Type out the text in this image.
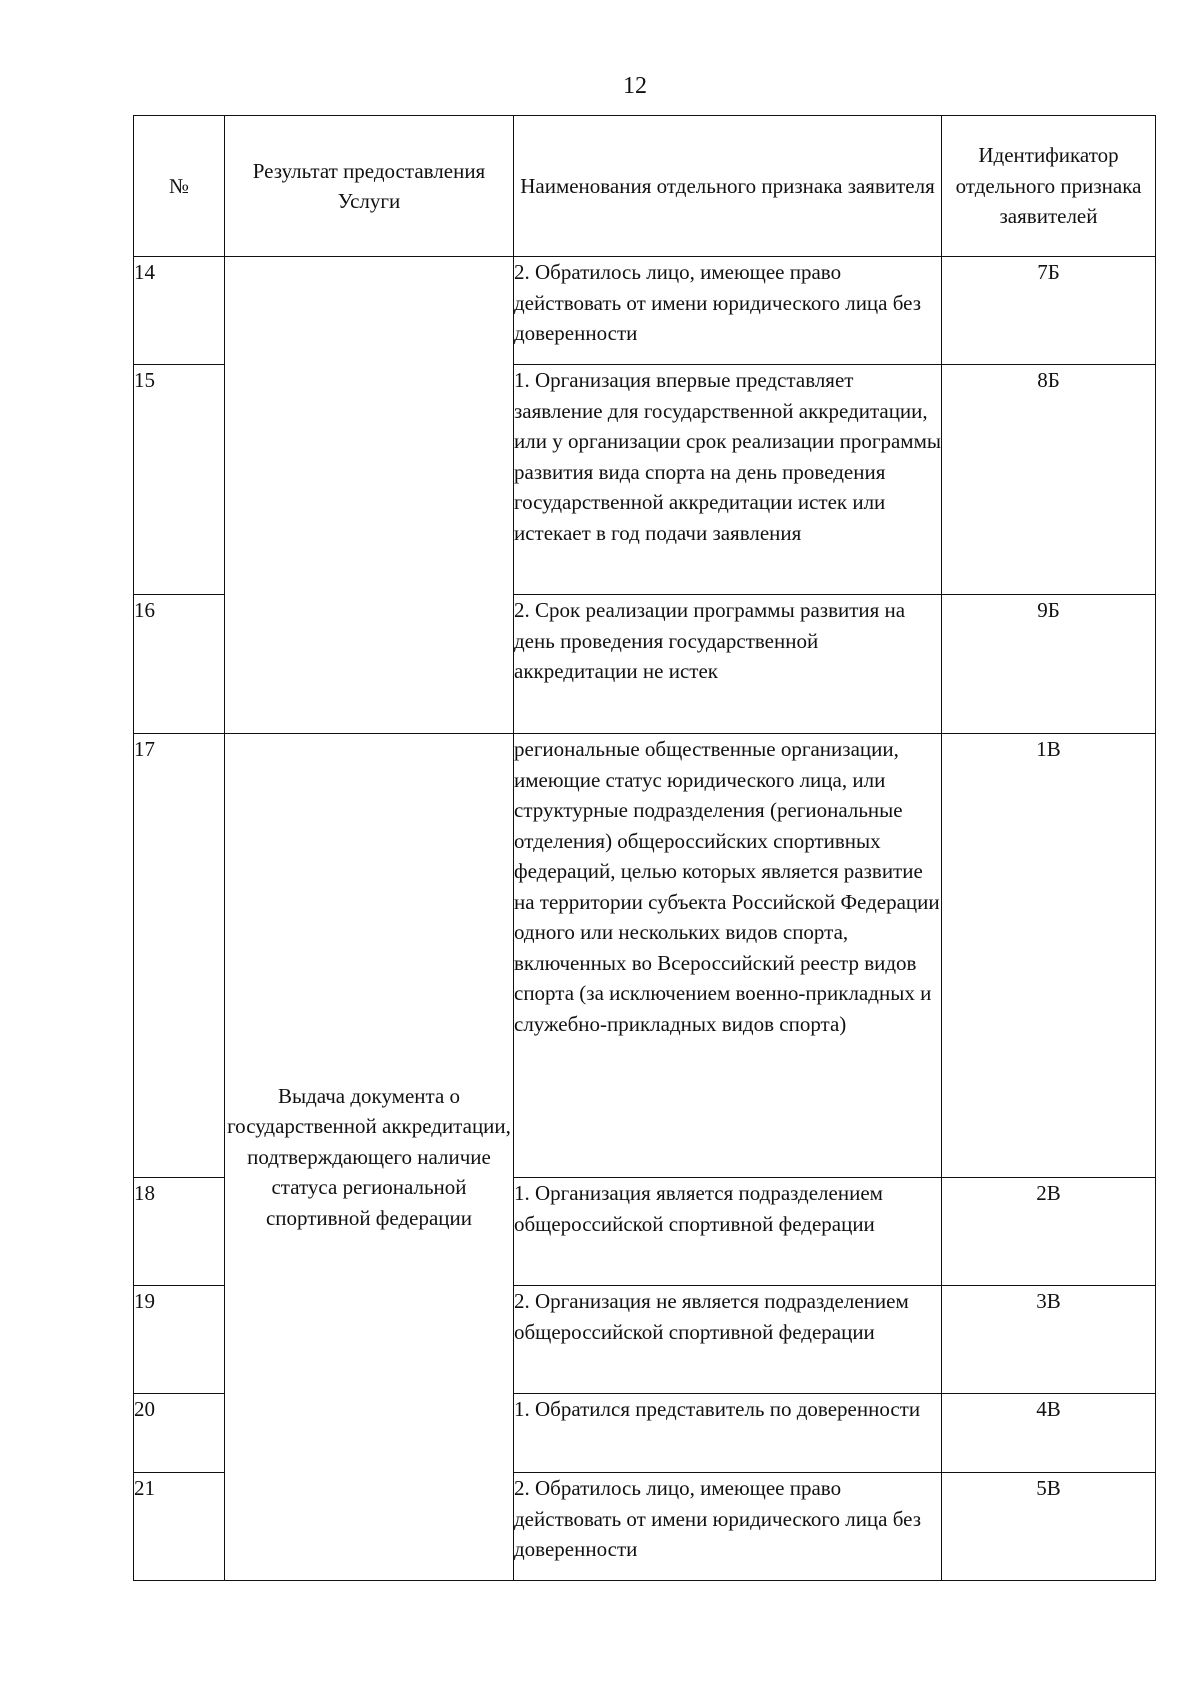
12
№	Результат предоставления Услуги	Наименования отдельного признака заявителя	Идентификатор отдельного признака заявителей

14		2. Обратилось лицо, имеющее право действовать от имени юридического лица без доверенности	7Б
15		1. Организация впервые представляет заявление для государственной аккредитации, или у организации срок реализации программы развития вида спорта на день проведения государственной аккредитации истек или истекает в год подачи заявления	8Б
16		2. Срок реализации программы развития на день проведения государственной аккредитации не истек	9Б
17	Выдача документа о государственной аккредитации, подтверждающего наличие статуса региональной спортивной федерации	региональные общественные организации, имеющие статус юридического лица, или структурные подразделения (региональные отделения) общероссийских спортивных федераций, целью которых является развитие на территории субъекта Российской Федерации одного или нескольких видов спорта, включенных во Всероссийский реестр видов спорта (за исключением военно-прикладных и служебно-прикладных видов спорта)	1В
18		1. Организация является подразделением общероссийской спортивной федерации	2В
19		2. Организация не является подразделением общероссийской спортивной федерации	3В
20		1. Обратился представитель по доверенности	4В
21		2. Обратилось лицо, имеющее право действовать от имени юридического лица без доверенности	5В
